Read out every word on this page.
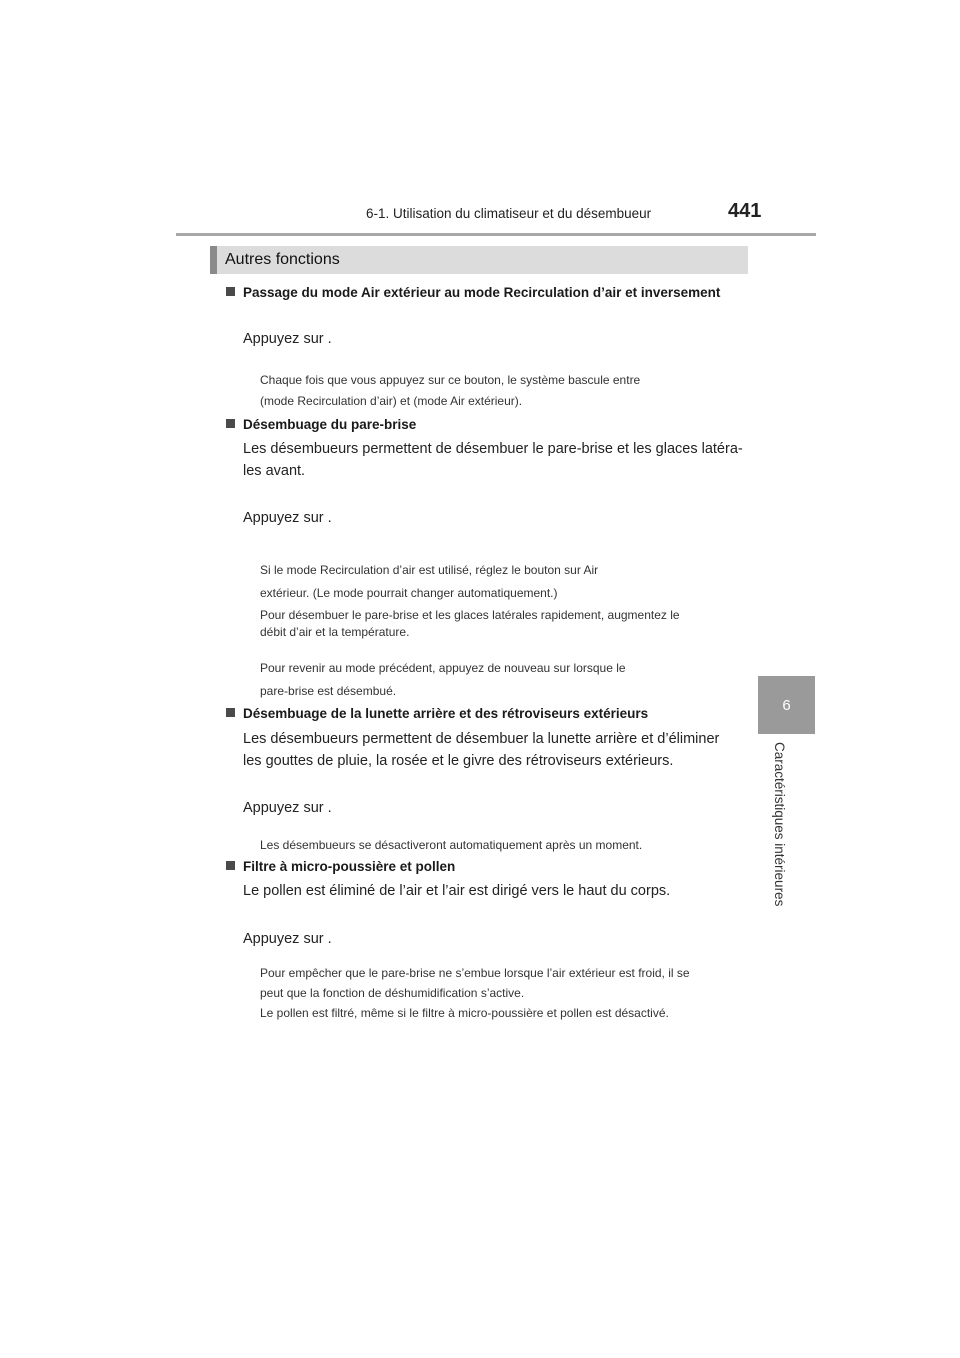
6-1. Utilisation du climatiseur et du désembueur	441
6
Caractéristiques intérieures
Autres fonctions
Passage du mode Air extérieur au mode Recirculation d’air et inversement
Appuyez sur .
Chaque fois que vous appuyez sur ce bouton, le système bascule entre
(mode Recirculation d’air) et (mode Air extérieur).
Désembuage du pare-brise
Les désembueurs permettent de désembuer le pare-brise et les glaces latéra-
les avant.
Appuyez sur .
Si le mode Recirculation d’air est utilisé, réglez le bouton sur Air
extérieur. (Le mode pourrait changer automatiquement.)
Pour désembuer le pare-brise et les glaces latérales rapidement, augmentez le
débit d’air et la température.
Pour revenir au mode précédent, appuyez de nouveau sur lorsque le
pare-brise est désembué.
Désembuage de la lunette arrière et des rétroviseurs extérieurs
Les désembueurs permettent de désembuer la lunette arrière et d’éliminer
les gouttes de pluie, la rosée et le givre des rétroviseurs extérieurs.
Appuyez sur .
Les désembueurs se désactiveront automatiquement après un moment.
Filtre à micro-poussière et pollen
Le pollen est éliminé de l’air et l’air est dirigé vers le haut du corps.
Appuyez sur .
Pour empêcher que le pare-brise ne s’embue lorsque l’air extérieur est froid, il se
peut que la fonction de déshumidification s’active.
Le pollen est filtré, même si le filtre à micro-poussière et pollen est désactivé.
